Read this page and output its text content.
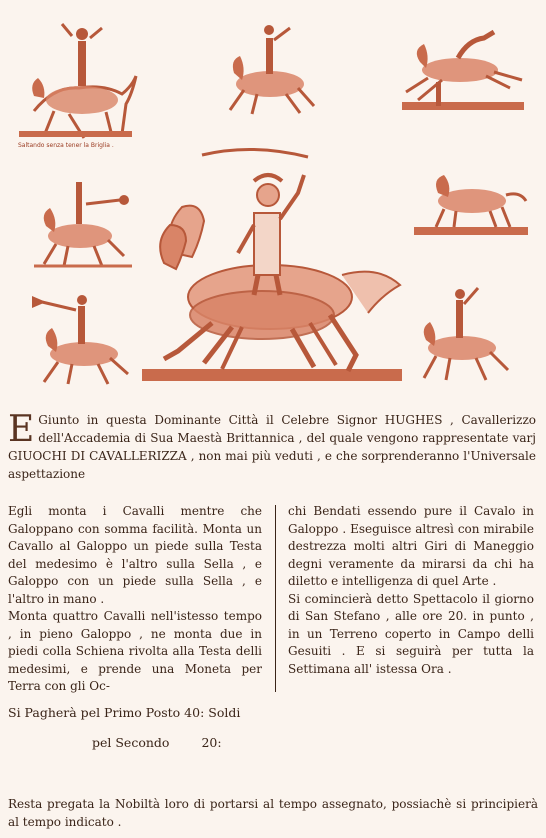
Saltando senza tener la Briglia .
E Giunto in questa Dominante Città il Celebre Signor HUGHES , Cavallerizzo dell'Accademia di Sua Maestà Brittannica , del quale vengono rappresentate varj GIUOCHI DI CAVALLERIZZA , non mai più veduti , e che sorprenderanno l'Universale aspettazione

Egli monta i Cavalli mentre che Galoppano con somma facilità. Monta un Cavallo al Galoppo un piede sulla Testa del medesimo è l'altro sulla Sella , e Galoppo con un piede sulla Sella , e l'altro in mano .

Monta quattro Cavalli nell'istesso tempo , in pieno Galoppo , ne monta due in piedi colla Schiena rivolta alla Testa delli medesimi, e prende una Moneta per Terra con gli Oc-

chi Bendati essendo pure il Cavalo in Galoppo . Eseguisce altresì con mirabile destrezza molti altri Giri di Maneggio degni veramente da mirarsi da chi ha diletto e intelligenza di quel Arte .

Si comincierà detto Spettacolo il giorno di San Stefano , alle ore 20. in punto , in un Terreno coperto in Campo delli Gesuiti . E si seguirà per tutta la Settimana all' istessa Ora .

Si Pagherà pel Primo Posto 40: Soldi
pel Secondo	20:
Resta pregata la Nobiltà loro di portarsi al tempo assegnato, possiachè si principierà al tempo indicato .
